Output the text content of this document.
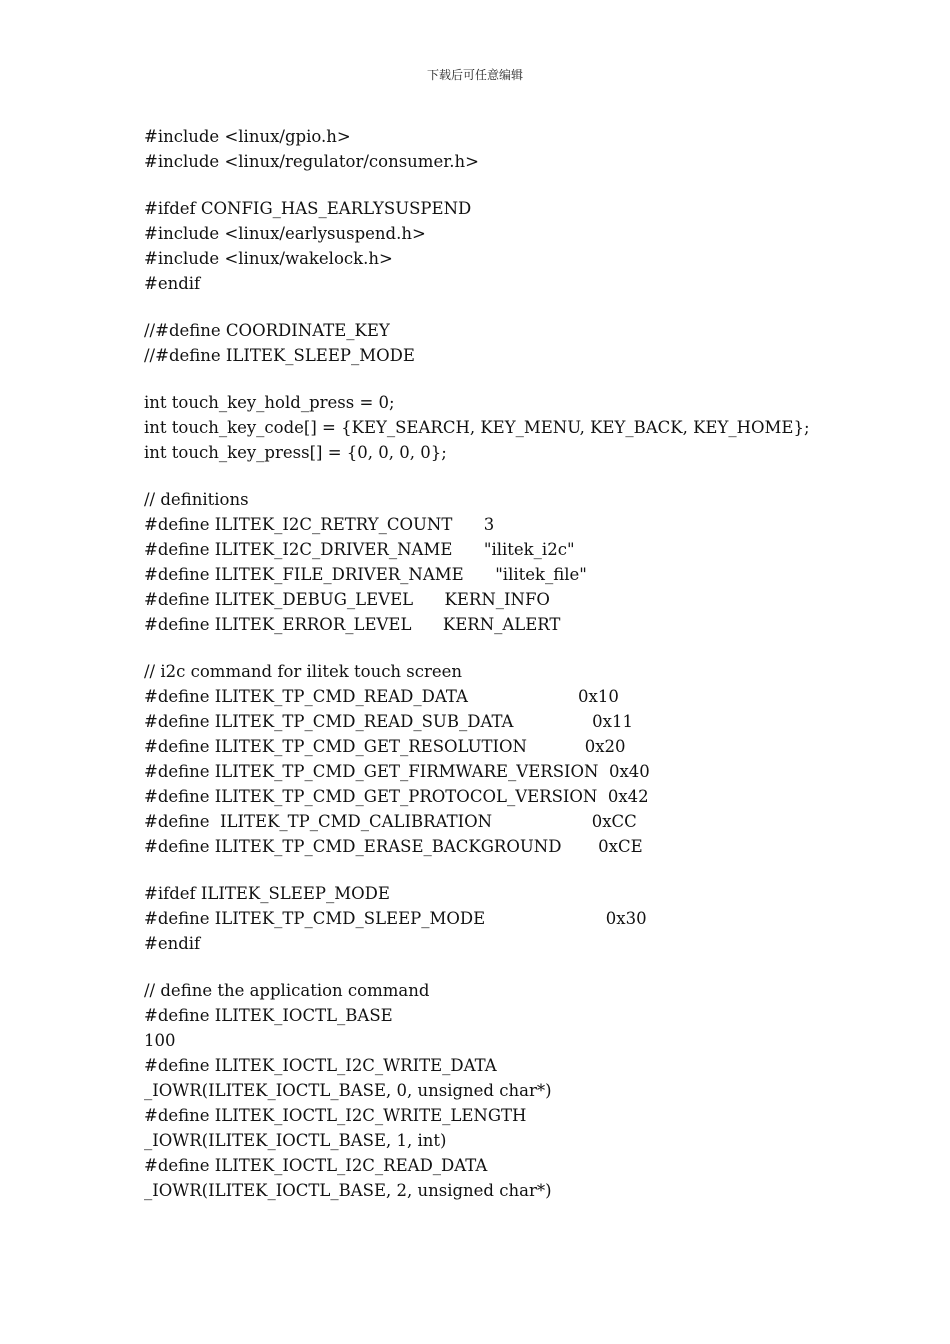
下载后可任意编辑
#include <linux/gpio.h>
#include <linux/regulator/consumer.h>
#ifdef CONFIG_HAS_EARLYSUSPEND
#include <linux/earlysuspend.h>
#include <linux/wakelock.h>
#endif
//#define COORDINATE_KEY
//#define ILITEK_SLEEP_MODE
int touch_key_hold_press = 0;
int touch_key_code[] = {KEY_SEARCH, KEY_MENU, KEY_BACK, KEY_HOME};
int touch_key_press[] = {0, 0, 0, 0};
// definitions
#define ILITEK_I2C_RETRY_COUNT      3
#define ILITEK_I2C_DRIVER_NAME      "ilitek_i2c"
#define ILITEK_FILE_DRIVER_NAME      "ilitek_file"
#define ILITEK_DEBUG_LEVEL      KERN_INFO
#define ILITEK_ERROR_LEVEL      KERN_ALERT
// i2c command for ilitek touch screen
#define ILITEK_TP_CMD_READ_DATA                     0x10
#define ILITEK_TP_CMD_READ_SUB_DATA               0x11
#define ILITEK_TP_CMD_GET_RESOLUTION           0x20
#define ILITEK_TP_CMD_GET_FIRMWARE_VERSION  0x40
#define ILITEK_TP_CMD_GET_PROTOCOL_VERSION  0x42
#define  ILITEK_TP_CMD_CALIBRATION                   0xCC
#define ILITEK_TP_CMD_ERASE_BACKGROUND       0xCE
#ifdef ILITEK_SLEEP_MODE
#define ILITEK_TP_CMD_SLEEP_MODE                       0x30
#endif
// define the application command
#define ILITEK_IOCTL_BASE
100
#define ILITEK_IOCTL_I2C_WRITE_DATA
_IOWR(ILITEK_IOCTL_BASE, 0, unsigned char*)
#define ILITEK_IOCTL_I2C_WRITE_LENGTH
_IOWR(ILITEK_IOCTL_BASE, 1, int)
#define ILITEK_IOCTL_I2C_READ_DATA
_IOWR(ILITEK_IOCTL_BASE, 2, unsigned char*)
